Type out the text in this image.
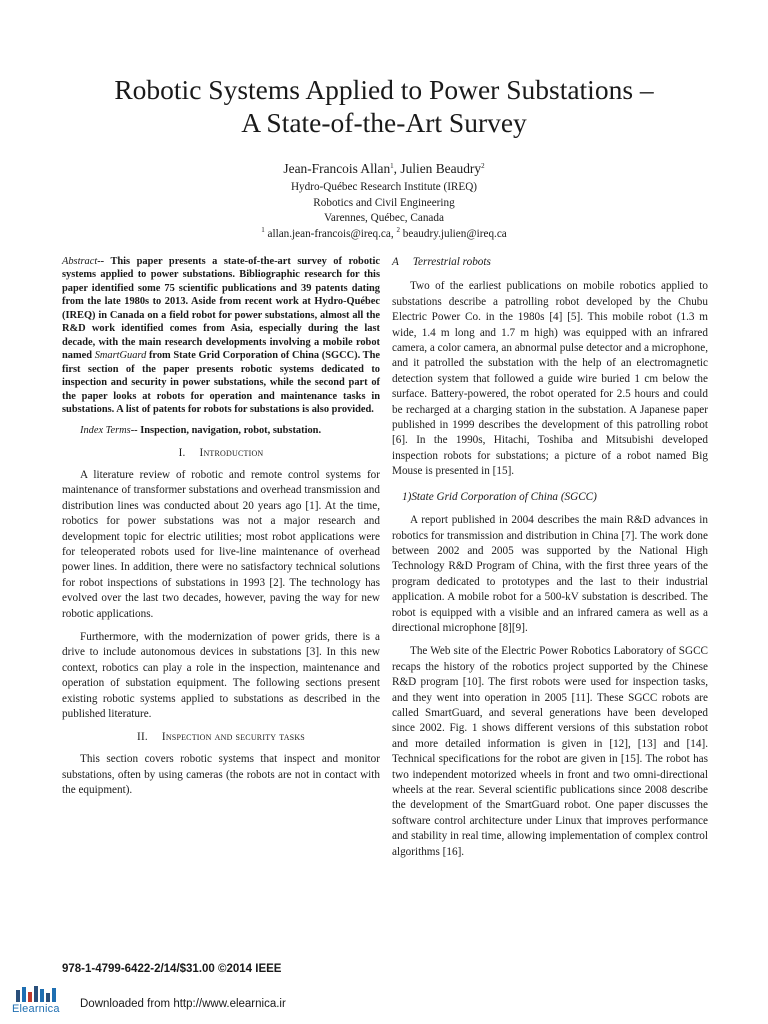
Robotic Systems Applied to Power Substations –
A State-of-the-Art Survey
Jean-Francois Allan$^1$, Julien Beaudry$^2$
Hydro-Québec Research Institute (IREQ)
Robotics and Civil Engineering
Varennes, Québec, Canada
$^1$ allan.jean-francois@ireq.ca, $^2$ beaudry.julien@ireq.ca

Abstract-- This paper presents a state-of-the-art survey of robotic systems applied to power substations. Bibliographic research for this paper identified some 75 scientific publications and 39 patents dating from the late 1980s to 2013. Aside from recent work at Hydro-Québec (IREQ) in Canada on a field robot for power substations, almost all the R&D work identified comes from Asia, especially during the last decade, with the main research developments involving a mobile robot named SmartGuard from State Grid Corporation of China (SGCC). The first section of the paper presents robotic systems dedicated to inspection and security in power substations, while the second part of the paper looks at robots for operation and maintenance tasks in substations. A list of patents for robots for substations is also provided.

Index Terms-- Inspection, navigation, robot, substation.

I. Introduction

A literature review of robotic and remote control systems for maintenance of transformer substations and overhead transmission and distribution lines was conducted about 20 years ago [1]. At the time, robotics for power substations was not a major research and development topic for electric utilities; most robot applications were for teleoperated robots used for live-line maintenance of overhead power lines. In addition, there were no satisfactory technical solutions for robot inspections of substations in 1993 [2]. The technology has evolved over the last two decades, however, paving the way for new robotic applications.

Furthermore, with the modernization of power grids, there is a drive to include autonomous devices in substations [3]. In this new context, robotics can play a role in the inspection, maintenance and operation of substation equipment. The following sections present existing robotic systems applied to substations as described in the published literature.

II. Inspection and security tasks

This section covers robotic systems that inspect and monitor substations, often by using cameras (the robots are not in contact with the equipment).

A Terrestrial robots

Two of the earliest publications on mobile robotics applied to substations describe a patrolling robot developed by the Chubu Electric Power Co. in the 1980s [4] [5]. This mobile robot (1.3 m wide, 1.4 m long and 1.7 m high) was equipped with an infrared camera, a color camera, an abnormal pulse detector and a microphone, and it patrolled the substation with the help of an electromagnetic detection system that followed a guide wire buried 1 cm below the surface. Battery-powered, the robot operated for 2.5 hours and could be recharged at a charging station in the substation. A Japanese paper published in 1999 describes the development of this patrolling robot [6]. In the 1990s, Hitachi, Toshiba and Mitsubishi developed inspection robots for substations; a picture of a robot named Big Mouse is presented in [15].

1)State Grid Corporation of China (SGCC)

A report published in 2004 describes the main R&D advances in robotics for transmission and distribution in China [7]. The work done between 2002 and 2005 was supported by the National High Technology R&D Program of China, with the first three years of the program dedicated to prototypes and the last to their industrial application. A mobile robot for a 500-kV substation is described. The robot is equipped with a visible and an infrared camera as well as a directional microphone [8][9].

The Web site of the Electric Power Robotics Laboratory of SGCC recaps the history of the robotics project supported by the Chinese R&D program [10]. The first robots were used for inspection tasks, and they went into operation in 2005 [11]. These SGCC robots are called SmartGuard, and several generations have been developed since 2002. Fig. 1 shows different versions of this substation robot and more detailed information is given in [12], [13] and [14]. Technical specifications for the robot are given in [15]. The robot has two independent motorized wheels in front and two omni-directional wheels at the rear. Several scientific publications since 2008 describe the development of the SmartGuard robot. One paper discusses the software control architecture under Linux that improves performance and stability in real time, allowing implementation of complex control algorithms [16].

978-1-4799-6422-2/14/$31.00 ©2014 IEEE
Elearnica Downloaded from http://www.elearnica.ir
